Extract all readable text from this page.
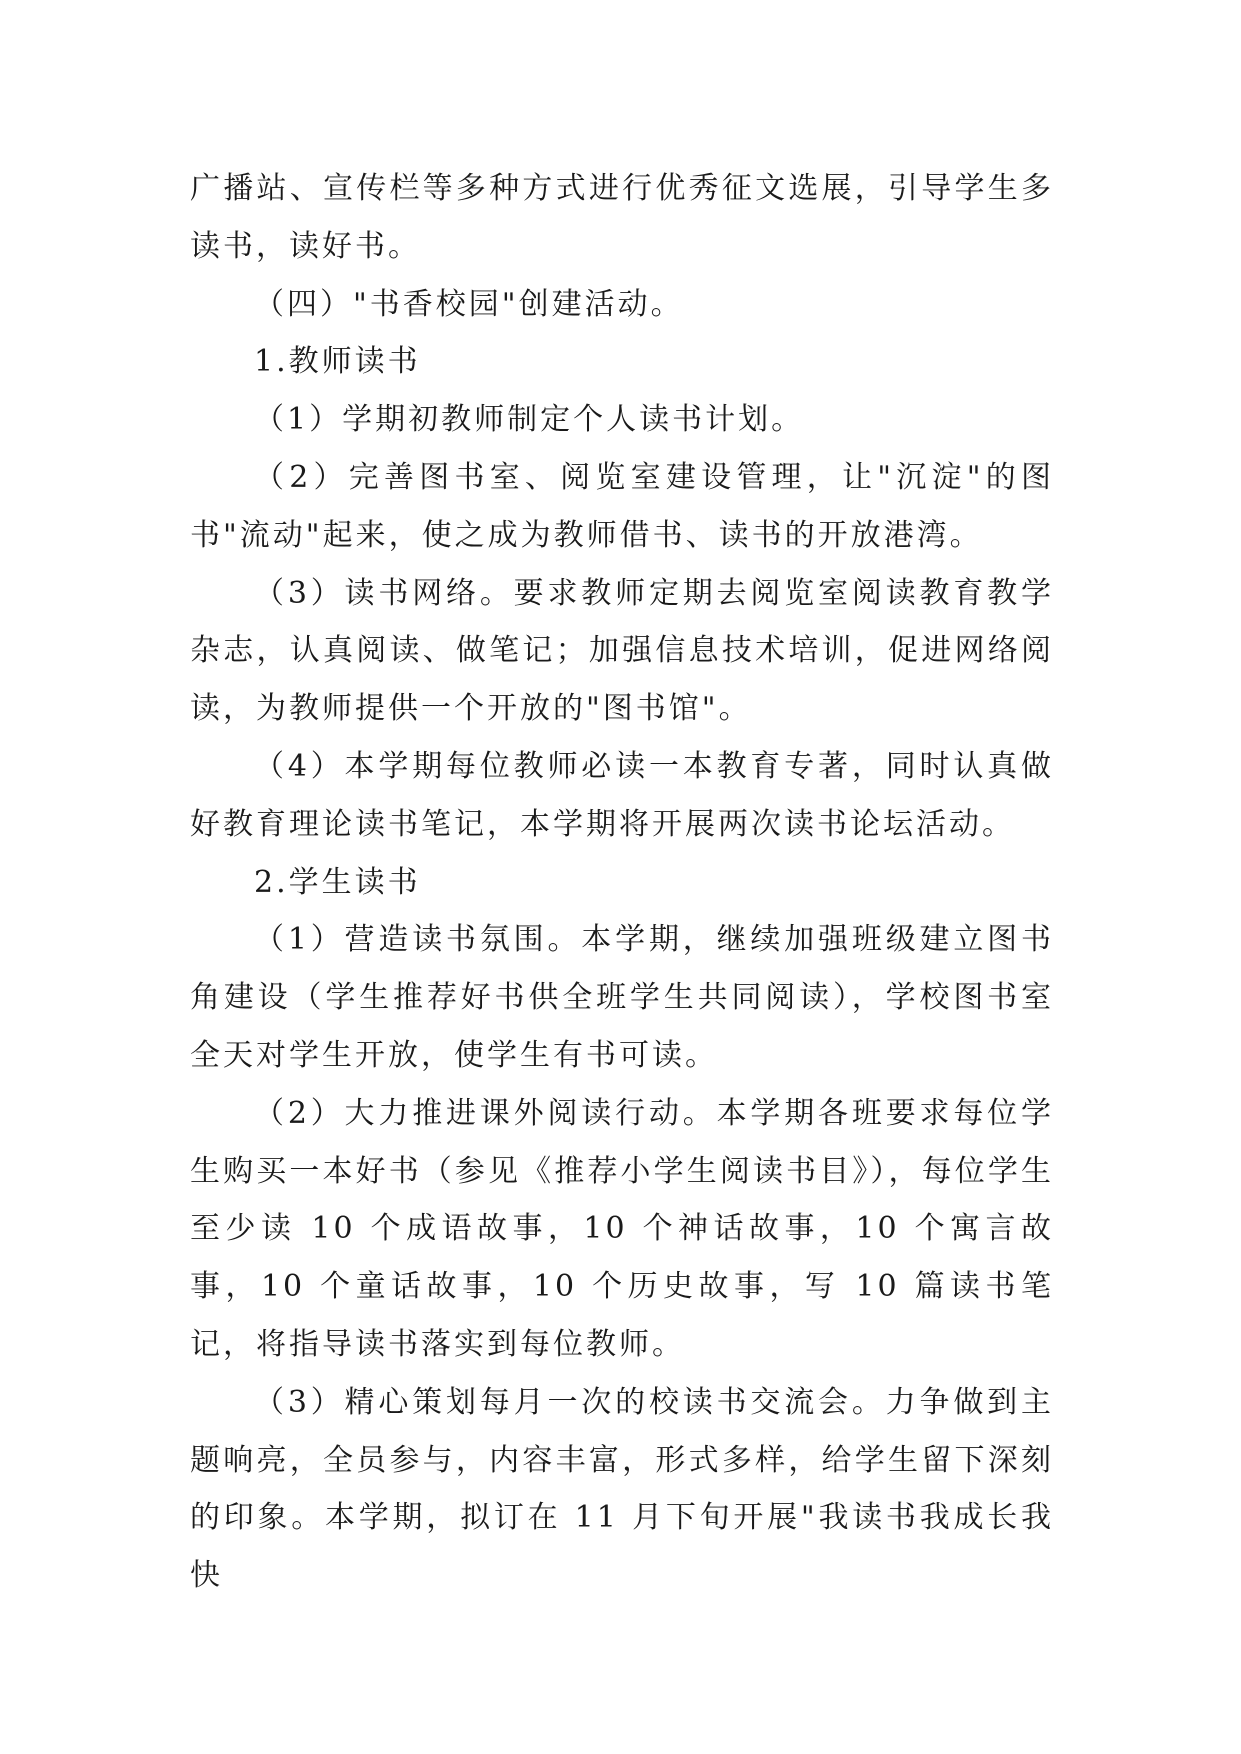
广播站、宣传栏等多种方式进行优秀征文选展，引导学生多读书，读好书。

（四）"书香校园"创建活动。

1.教师读书

（1）学期初教师制定个人读书计划。

（2）完善图书室、阅览室建设管理，让"沉淀"的图书"流动"起来，使之成为教师借书、读书的开放港湾。

（3）读书网络。要求教师定期去阅览室阅读教育教学杂志，认真阅读、做笔记；加强信息技术培训，促进网络阅读，为教师提供一个开放的"图书馆"。

（4）本学期每位教师必读一本教育专著，同时认真做好教育理论读书笔记，本学期将开展两次读书论坛活动。

2.学生读书

（1）营造读书氛围。本学期，继续加强班级建立图书角建设（学生推荐好书供全班学生共同阅读），学校图书室全天对学生开放，使学生有书可读。

（2）大力推进课外阅读行动。本学期各班要求每位学生购买一本好书（参见《推荐小学生阅读书目》），每位学生至少读 10 个成语故事，10 个神话故事，10 个寓言故事，10 个童话故事，10 个历史故事，写 10 篇读书笔记，将指导读书落实到每位教师。

（3）精心策划每月一次的校读书交流会。力争做到主题响亮，全员参与，内容丰富，形式多样，给学生留下深刻的印象。本学期，拟订在 11 月下旬开展"我读书我成长我快
